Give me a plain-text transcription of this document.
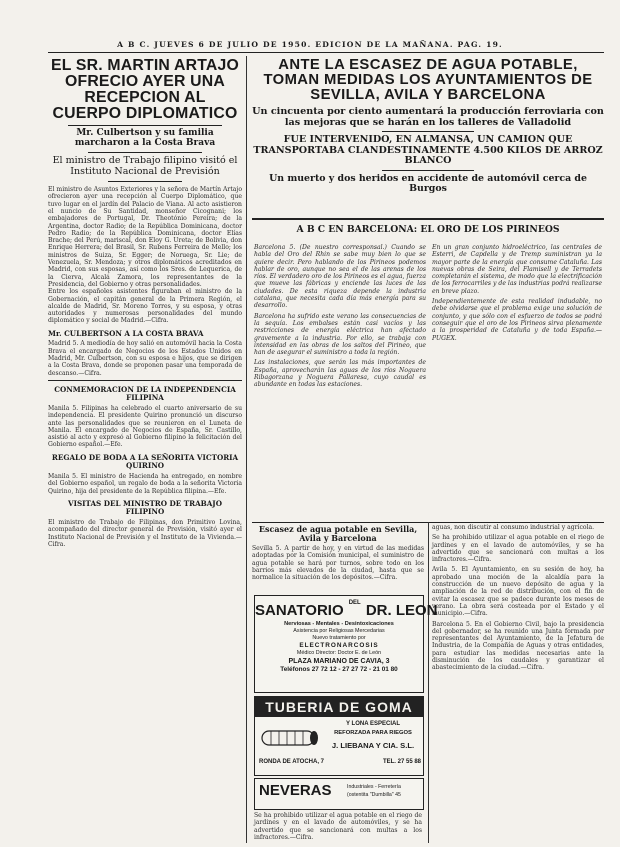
A B C. JUEVES 6 DE JULIO DE 1950. EDICION DE LA MAÑANA. PAG. 19.
EL SR. MARTIN ARTAJO OFRECIO AYER UNA RECEPCION AL CUERPO DIPLOMATICO
Mr. Culbertson y su familia marcharon a la Costa Brava
El ministro de Trabajo filipino visitó el Instituto Nacional de Previsión

El ministro de Asuntos Exteriores y la señora de Martín Artajo ofrecieron ayer una recepción al Cuerpo Diplomático, que tuvo lugar en el jardín del Palacio de Viana. Al acto asistieron el nuncio de Su Santidad, monseñor Cicognani; los embajadores de Portugal, Dr. Theotónio Pereira; de la Argentina, doctor Radio; de la República Dominicana, doctor Pedro Radio; de la República Dominicana, doctor Elías Brache; del Perú, mariscal, don Eloy G. Ureta; de Bolivia, don Enrique Herrera; del Brasil, Sr. Rubens Ferreira de Mello; los ministros de Suiza, Sr. Egger; de Noruega, Sr. Lie; de Venezuela, Sr. Mendoza; y otros diplomáticos acreditados en Madrid, con sus esposas, así como los Sres. de Lequerica, de la Cierva, Alcalá Zamora, los representantes de la Presidencia, del Gobierno y otras personalidades.

Entre los españoles asistentes figuraban el ministro de la Gobernación, el capitán general de la Primera Región, el alcalde de Madrid, Sr. Moreno Torres, y su esposa, y otras autoridades y numerosas personalidades del mundo diplomático y social de Madrid.—Cifra.

Mr. CULBERTSON A LA COSTA BRAVA

Madrid 5. A mediodía de hoy salió en automóvil hacia la Costa Brava el encargado de Negocios de los Estados Unidos en Madrid, Mr. Culbertson, con su esposa e hijos, que se dirigen a la Costa Brava, donde se proponen pasar una temporada de descanso.—Cifra.

CONMEMORACION DE LA INDEPENDENCIA FILIPINA

Manila 5. Filipinas ha celebrado el cuarto aniversario de su independencia. El presidente Quirino pronunció un discurso ante las personalidades que se reunieron en el Luneta de Manila. El encargado de Negocios de España, Sr. Castillo, asistió al acto y expresó al Gobierno filipino la felicitación del Gobierno español.—Efe.

REGALO DE BODA A LA SEÑORITA VICTORIA QUIRINO

Manila 5. El ministro de Hacienda ha entregado, en nombre del Gobierno español, un regalo de boda a la señorita Victoria Quirino, hija del presidente de la República filipina.—Efe.

VISITAS DEL MINISTRO DE TRABAJO FILIPINO

El ministro de Trabajo de Filipinas, don Primitivo Lovina, acompañado del director general de Previsión, visitó ayer el Instituto Nacional de Previsión y el Instituto de la Vivienda.—Cifra.

ANTE LA ESCASEZ DE AGUA POTABLE, TOMAN MEDIDAS LOS AYUNTAMIENTOS DE SEVILLA, AVILA Y BARCELONA
Un cincuenta por ciento aumentará la producción ferroviaria con las mejoras que se harán en los talleres de Valladolid
FUE INTERVENIDO, EN ALMANSA, UN CAMION QUE TRANSPORTABA CLANDESTINAMENTE 4.500 KILOS DE ARROZ BLANCO
Un muerto y dos heridos en accidente de automóvil cerca de Burgos
A B C EN BARCELONA: EL ORO DE LOS PIRINEOS

Barcelona 5. (De nuestro corresponsal.) Cuando se habla del Oro del Rhin se sabe muy bien lo que se quiere decir. Pero hablando de los Pirineos podemos hablar de oro, aunque no sea el de las arenas de los ríos. El verdadero oro de los Pirineos es el agua, fuerza que mueve las fábricas y enciende las luces de las ciudades. De esta riqueza depende la industria catalana, que necesita cada día más energía para su desarrollo.

Barcelona ha sufrido este verano las consecuencias de la sequía. Los embalses están casi vacíos y las restricciones de energía eléctrica han afectado gravemente a la industria. Por ello, se trabaja con intensidad en las obras de los saltos del Pirineo, que han de asegurar el suministro a toda la región.

Las instalaciones, que serán las más importantes de España, aprovecharán las aguas de los ríos Noguera Ribagorzana y Noguera Pallaresa, cuyo caudal es abundante en todas las estaciones.

En un gran conjunto hidroeléctrico, las centrales de Esterri, de Capdella y de Tremp suministran ya la mayor parte de la energía que consume Cataluña. Las nuevas obras de Seira, del Flamisell y de Terradets completarán el sistema, de modo que la electrificación de los ferrocarriles y de las industrias podrá realizarse en breve plazo.

Independientemente de esta realidad indudable, no debe olvidarse que el problema exige una solución de conjunto, y que sólo con el esfuerzo de todos se podrá conseguir que el oro de los Pirineos sirva plenamente a la prosperidad de Cataluña y de toda España.—PUGEX.

Escasez de agua potable en Sevilla, Avila y Barcelona

Sevilla 5. A partir de hoy, y en virtud de las medidas adoptadas por la Comisión municipal, el suministro de agua potable se hará por turnos, sobre todo en los barrios más elevados de la ciudad, hasta que se normalice la situación de los depósitos.—Cifra.

aguas, non discutir al consumo industrial y agrícola.

Se ha prohibido utilizar el agua potable en el riego de jardines y en el lavado de automóviles, y se ha advertido que se sancionará con multas a los infractores.—Cifra.

Avila 5. El Ayuntamiento, en su sesión de hoy, ha aprobado una moción de la alcaldía para la construcción de un nuevo depósito de agua y la ampliación de la red de distribución, con el fin de evitar la escasez que se padece durante los meses de verano. La obra será costeada por el Estado y el municipio.—Cifra.

Barcelona 5. En el Gobierno Civil, bajo la presidencia del gobernador, se ha reunido una Junta formada por representantes del Ayuntamiento, de la Jefatura de Industria, de la Compañía de Aguas y otras entidades, para estudiar las medidas necesarias ante la disminución de los caudales y garantizar el abastecimiento de la ciudad.—Cifra.

SANATORIO $^{DEL}$ DR. LEON
Nerviosas - Mentales - Desintoxicaciones
Asistencia por Religiosas Mercedarias
Nuevo tratamiento por
ELECTRONARCOSIS
Médico Director: Doctor E. de León
PLAZA MARIANO DE CAVIA, 3
Teléfonos 27 72 12 - 27 27 72 - 21 01 80
TUBERIA DE GOMA
Y LONA ESPECIAL
REFORZADA PARA RIEGOS
J. LIEBANA Y CIA. S.L.
RONDA DE ATOCHA, 7	TEL. 27 55 88
NEVERAS	Industriales - Ferretería
(ostentita "Dumbilla" 45

Se ha prohibido utilizar el agua potable en el riego de jardines y en el lavado de automóviles, y se ha advertido que se sancionará con multas a los infractores.—Cifra.
